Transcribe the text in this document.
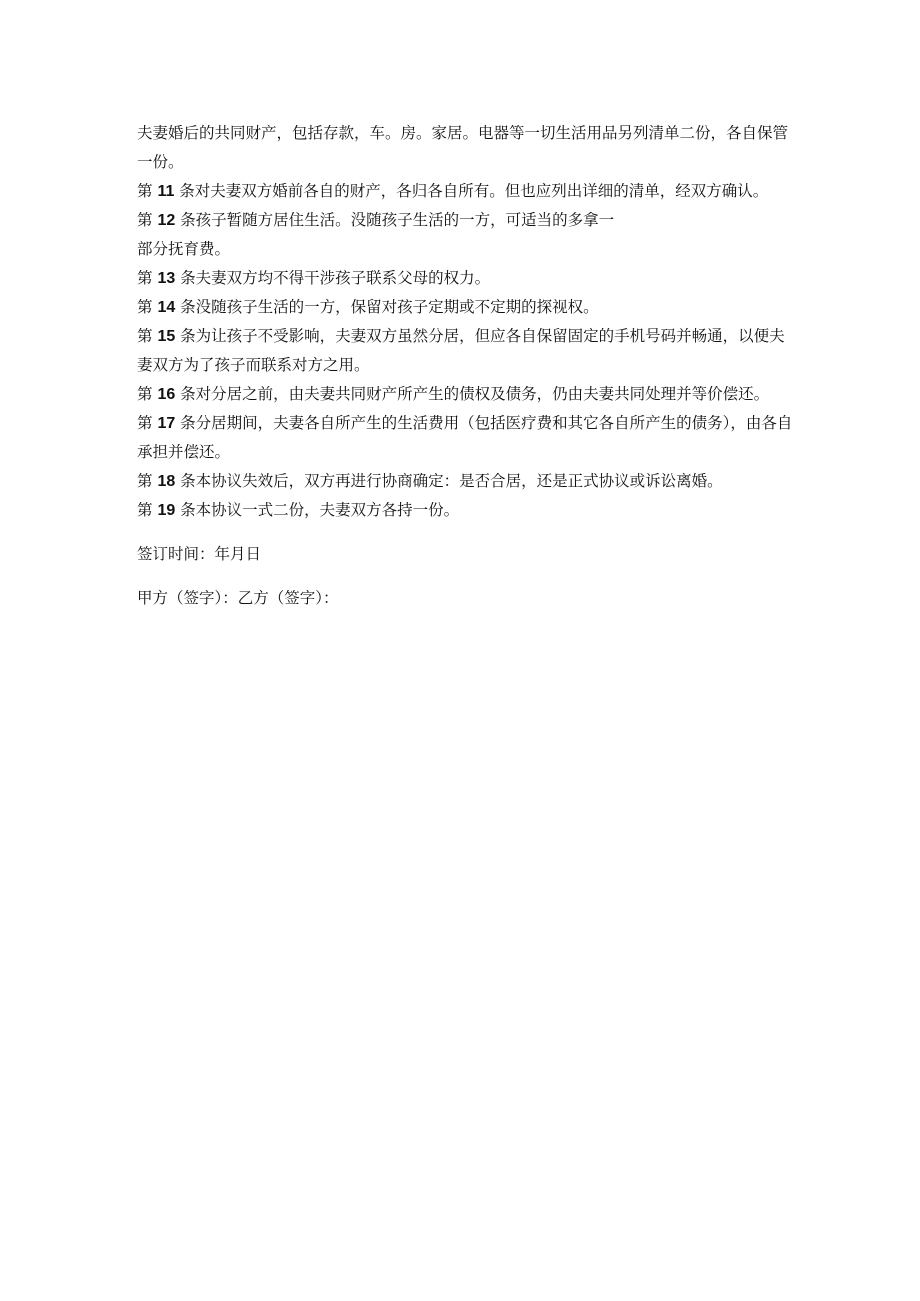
夫妻婚后的共同财产，包括存款，车。房。家居。电器等一切生活用品另列清单二份，各自保管一份。

第 11 条对夫妻双方婚前各自的财产，各归各自所有。但也应列出详细的清单，经双方确认。

第 12 条孩子暂随方居住生活。没随孩子生活的一方，可适当的多拿一

部分抚育费。

第 13 条夫妻双方均不得干涉孩子联系父母的权力。

第 14 条没随孩子生活的一方，保留对孩子定期或不定期的探视权。

第 15 条为让孩子不受影响，夫妻双方虽然分居，但应各自保留固定的手机号码并畅通，以便夫妻双方为了孩子而联系对方之用。

第 16 条对分居之前，由夫妻共同财产所产生的债权及债务，仍由夫妻共同处理并等价偿还。

第 17 条分居期间，夫妻各自所产生的生活费用（包括医疗费和其它各自所产生的债务），由各自承担并偿还。

第 18 条本协议失效后，双方再进行协商确定：是否合居，还是正式协议或诉讼离婚。

第 19 条本协议一式二份，夫妻双方各持一份。

签订时间：年月日

甲方（签字）：乙方（签字）：
